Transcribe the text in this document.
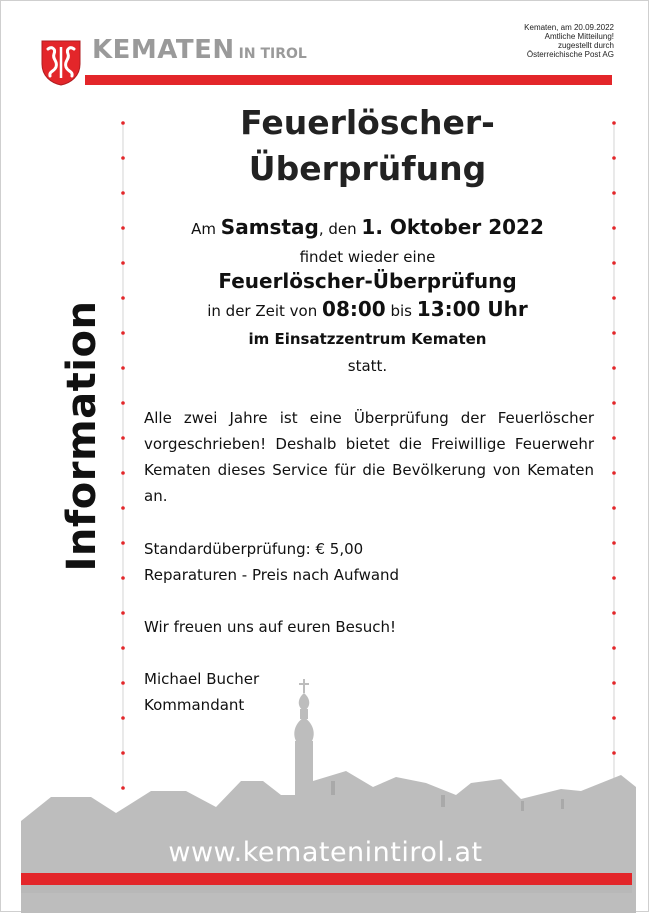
KEMATEN IN TIROL
Kematen, am 20.09.2022
Amtliche Mitteilung!
zugestellt durch
Österreichische Post AG
Information
Feuerlöscher-
Überprüfung
Am Samstag, den 1. Oktober 2022
findet wieder eine
Feuerlöscher-Überprüfung
in der Zeit von 08:00 bis 13:00 Uhr
im Einsatzzentrum Kematen
statt.
Alle zwei Jahre ist eine Überprüfung der Feuerlöscher vorgeschrieben! Deshalb bietet die Freiwillige Feuerwehr Kematen dieses Service für die Bevölkerung von Kematen an.
Standardüberprüfung: € 5,00
Reparaturen - Preis nach Aufwand
Wir freuen uns auf euren Besuch!
Michael Bucher
Kommandant
www.kematenintirol.at
